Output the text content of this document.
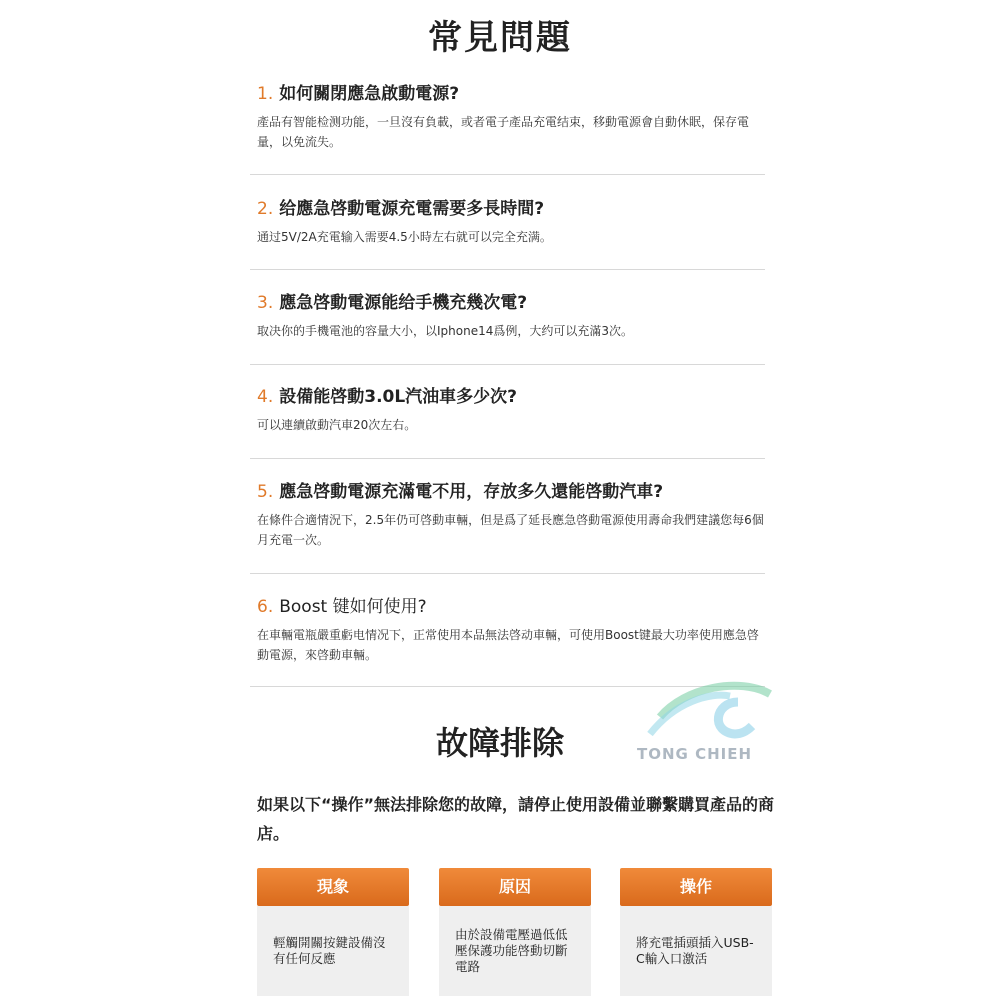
常見問題
1. 如何關閉應急啟動電源?
產品有智能检测功能，一旦沒有負載，或者電子產品充電结束，移動電源會自動休眠，保存電量，以免流失。
2. 给應急啓動電源充電需要多長時間?
通过5V/2A充電输入需要4.5小時左右就可以完全充满。
3. 應急啓動電源能给手機充幾次電?
取决你的手機電池的容量大小，以Iphone14爲例，大约可以充滿3次。
4. 設備能啓動3.0L汽油車多少次?
可以連續啟動汽車20次左右。
5. 應急啓動電源充滿電不用，存放多久還能啓動汽車?
在條件合適情況下，2.5年仍可啓動車輛，但是爲了延長應急啓動電源使用壽命我們建議您每6個月充電一次。
6. Boost 键如何使用?
在車輛電瓶嚴重虧电情况下，正常使用本品無法啓动車輛，可使用Boost键最大功率使用應急啓動電源，來啓動車輛。
TONG CHIEH
故障排除
如果以下“操作”無法排除您的故障，請停止使用設備並聯繫購買產品的商店。
現象
輕觸開關按鍵設備沒有任何反應
原因
由於設備電壓過低低壓保護功能啓動切斷電路
操作
將充電插頭插入USB-C輸入口激活
